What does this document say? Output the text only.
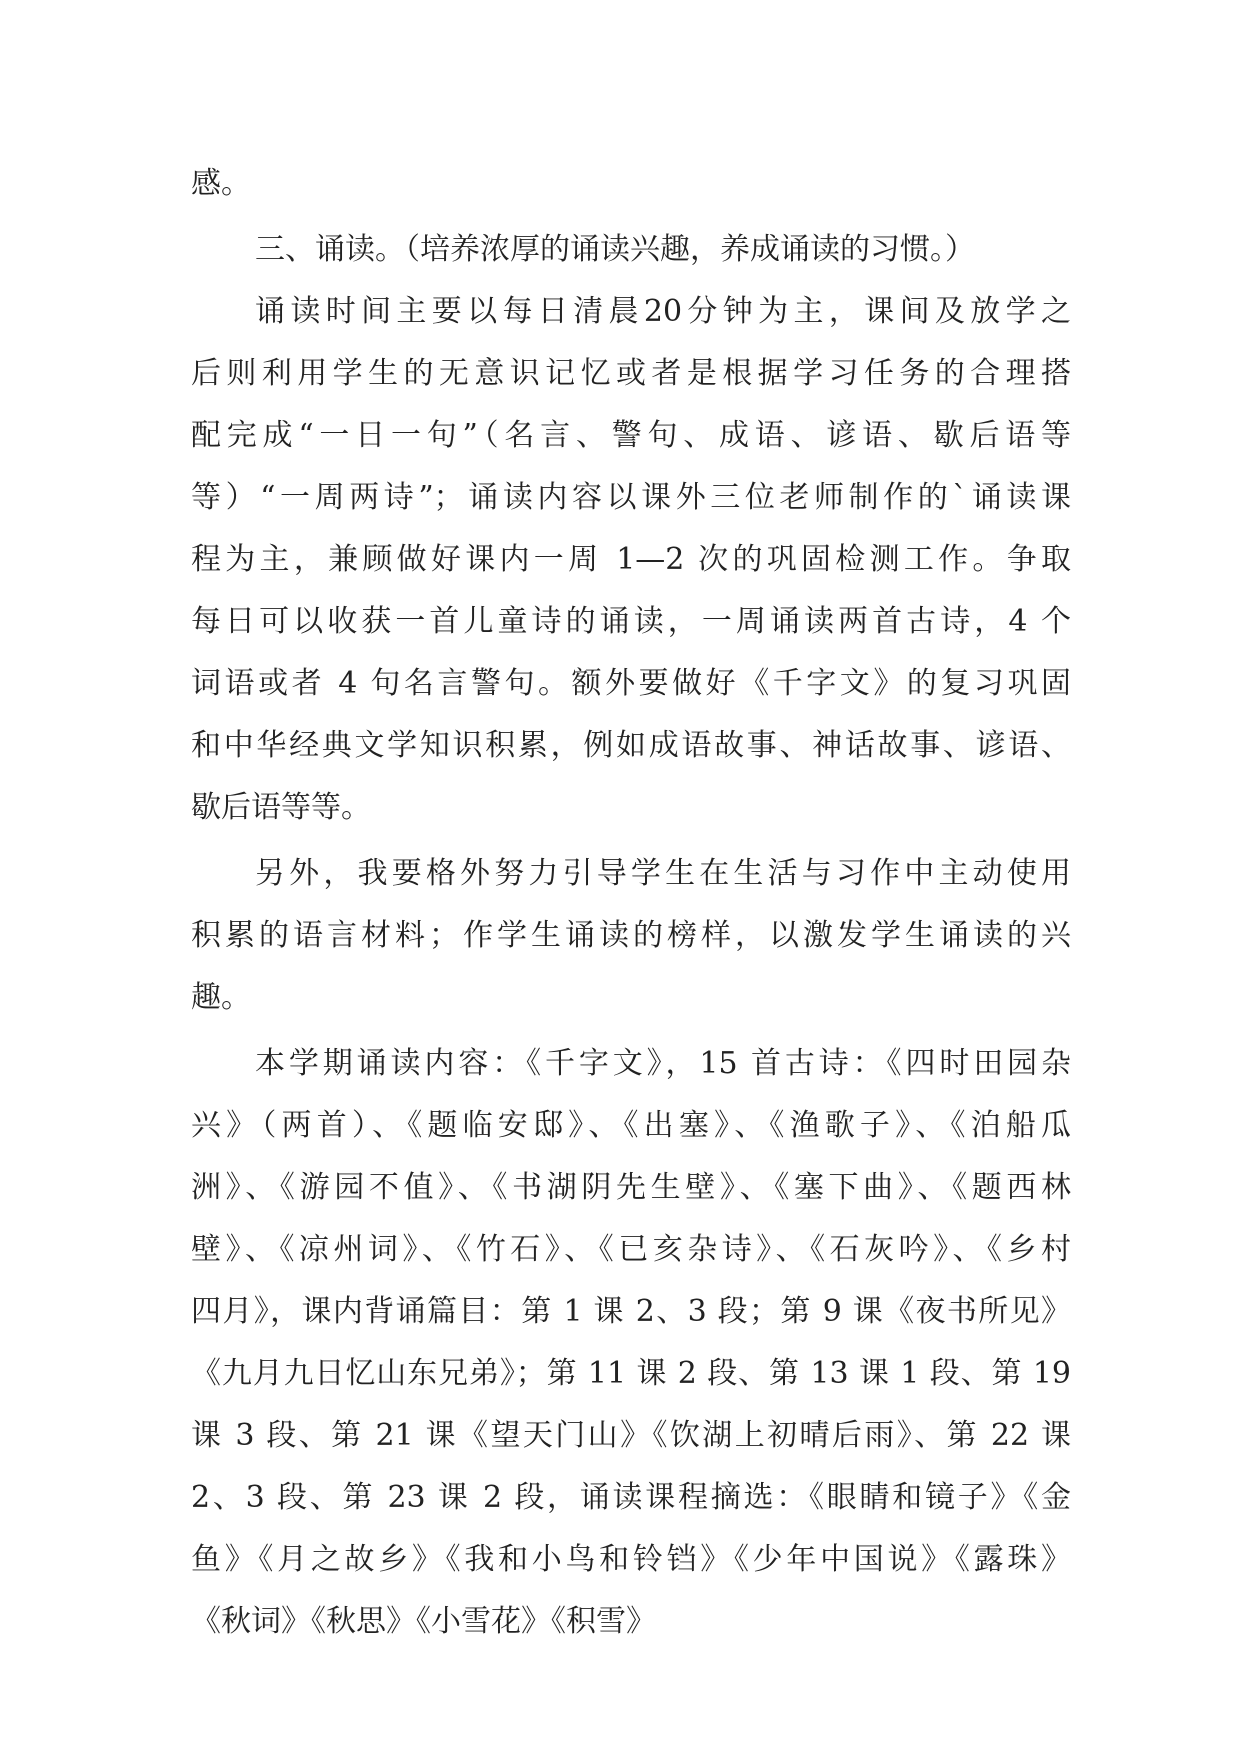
感。
三、诵读。（培养浓厚的诵读兴趣，养成诵读的习惯。）
诵读时间主要以每日清晨20分钟为主，课间及放学之
后则利用学生的无意识记忆或者是根据学习任务的合理搭
配完成“一日一句”（名言、警句、成语、谚语、歇后语等
等）“一周两诗”；诵读内容以课外三位老师制作的`诵读课
程为主，兼顾做好课内一周 1—2 次的巩固检测工作。争取
每日可以收获一首儿童诗的诵读，一周诵读两首古诗，4 个
词语或者 4 句名言警句。额外要做好《千字文》的复习巩固
和中华经典文学知识积累，例如成语故事、神话故事、谚语、
歇后语等等。
另外，我要格外努力引导学生在生活与习作中主动使用
积累的语言材料；作学生诵读的榜样，以激发学生诵读的兴
趣。
本学期诵读内容：《千字文》，15 首古诗：《四时田园杂
兴》（两首）、《题临安邸》、《出塞》、《渔歌子》、《泊船瓜
洲》、《游园不值》、《书湖阴先生壁》、《塞下曲》、《题西林
壁》、《凉州词》、《竹石》、《已亥杂诗》、《石灰吟》、《乡村
四月》，课内背诵篇目：第 1 课 2、3 段；第 9 课《夜书所见》
《九月九日忆山东兄弟》；第 11 课 2 段、第 13 课 1 段、第 19
课 3 段、第 21 课《望天门山》《饮湖上初晴后雨》、第 22 课
2、3 段、第 23 课 2 段，诵读课程摘选：《眼睛和镜子》《金
鱼》《月之故乡》《我和小鸟和铃铛》《少年中国说》《露珠》
《秋词》《秋思》《小雪花》《积雪》
